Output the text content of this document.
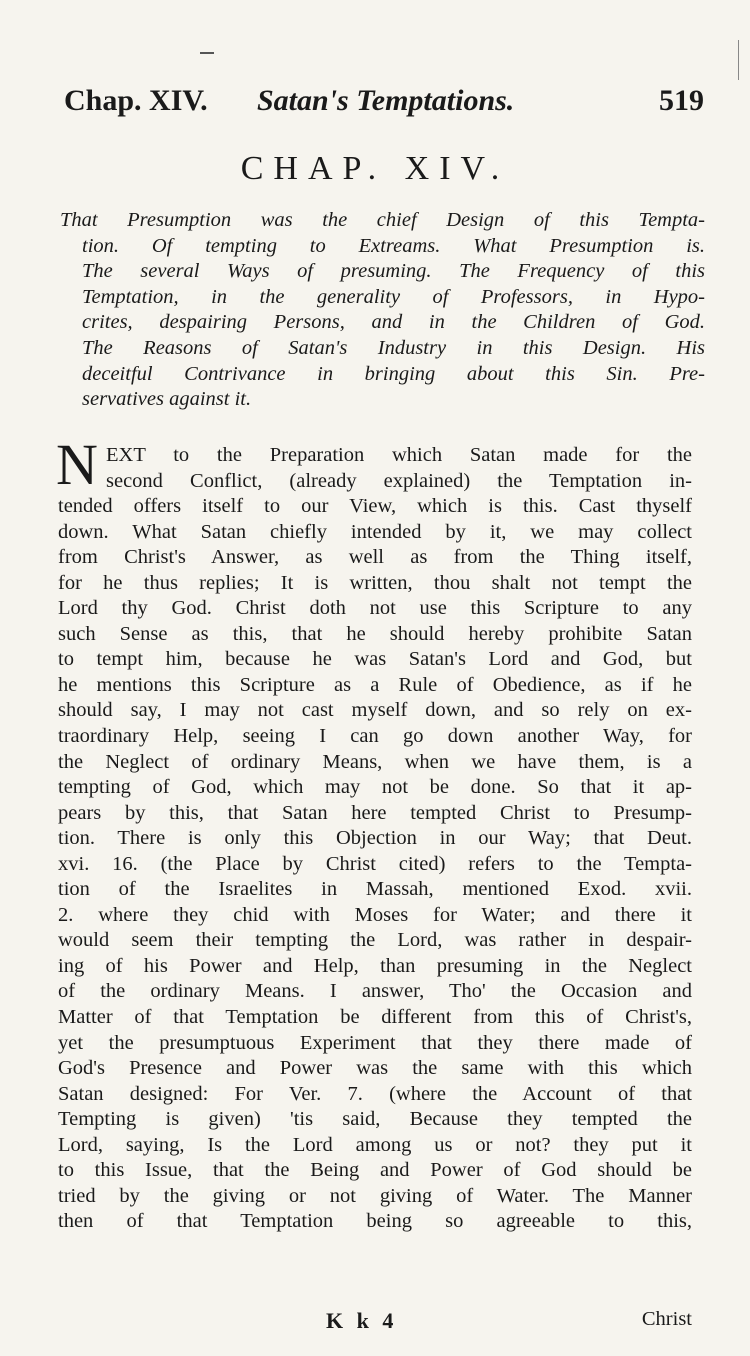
Chap. XIV. Satan's Temptations.	519
CHAP. XIV.
That Presumption was the chief Design of this Tempta-
tion. Of tempting to Extreams. What Presumption is.
The several Ways of presuming. The Frequency of this
Temptation, in the generality of Professors, in Hypo-
crites, despairing Persons, and in the Children of God.
The Reasons of Satan's Industry in this Design. His
deceitful Contrivance in bringing about this Sin. Pre-
servatives against it.
N EXT to the Preparation which Satan made for the
second Conflict, (already explained) the Temptation in-
tended offers itself to our View, which is this. Cast thyself
down. What Satan chiefly intended by it, we may collect
from Christ's Answer, as well as from the Thing itself,
for he thus replies; It is written, thou shalt not tempt the
Lord thy God. Christ doth not use this Scripture to any
such Sense as this, that he should hereby prohibite Satan
to tempt him, because he was Satan's Lord and God, but
he mentions this Scripture as a Rule of Obedience, as if he
should say, I may not cast myself down, and so rely on ex-
traordinary Help, seeing I can go down another Way, for
the Neglect of ordinary Means, when we have them, is a
tempting of God, which may not be done. So that it ap-
pears by this, that Satan here tempted Christ to Presump-
tion. There is only this Objection in our Way; that Deut.
xvi. 16. (the Place by Christ cited) refers to the Tempta-
tion of the Israelites in Massah, mentioned Exod. xvii.
2. where they chid with Moses for Water; and there it
would seem their tempting the Lord, was rather in despair-
ing of his Power and Help, than presuming in the Neglect
of the ordinary Means. I answer, Tho' the Occasion and
Matter of that Temptation be different from this of Christ's,
yet the presumptuous Experiment that they there made of
God's Presence and Power was the same with this which
Satan designed: For Ver. 7. (where the Account of that
Tempting is given) 'tis said, Because they tempted the
Lord, saying, Is the Lord among us or not? they put it
to this Issue, that the Being and Power of God should be
tried by the giving or not giving of Water. The Manner
then of that Temptation being so agreeable to this,
K k 4	Christ
